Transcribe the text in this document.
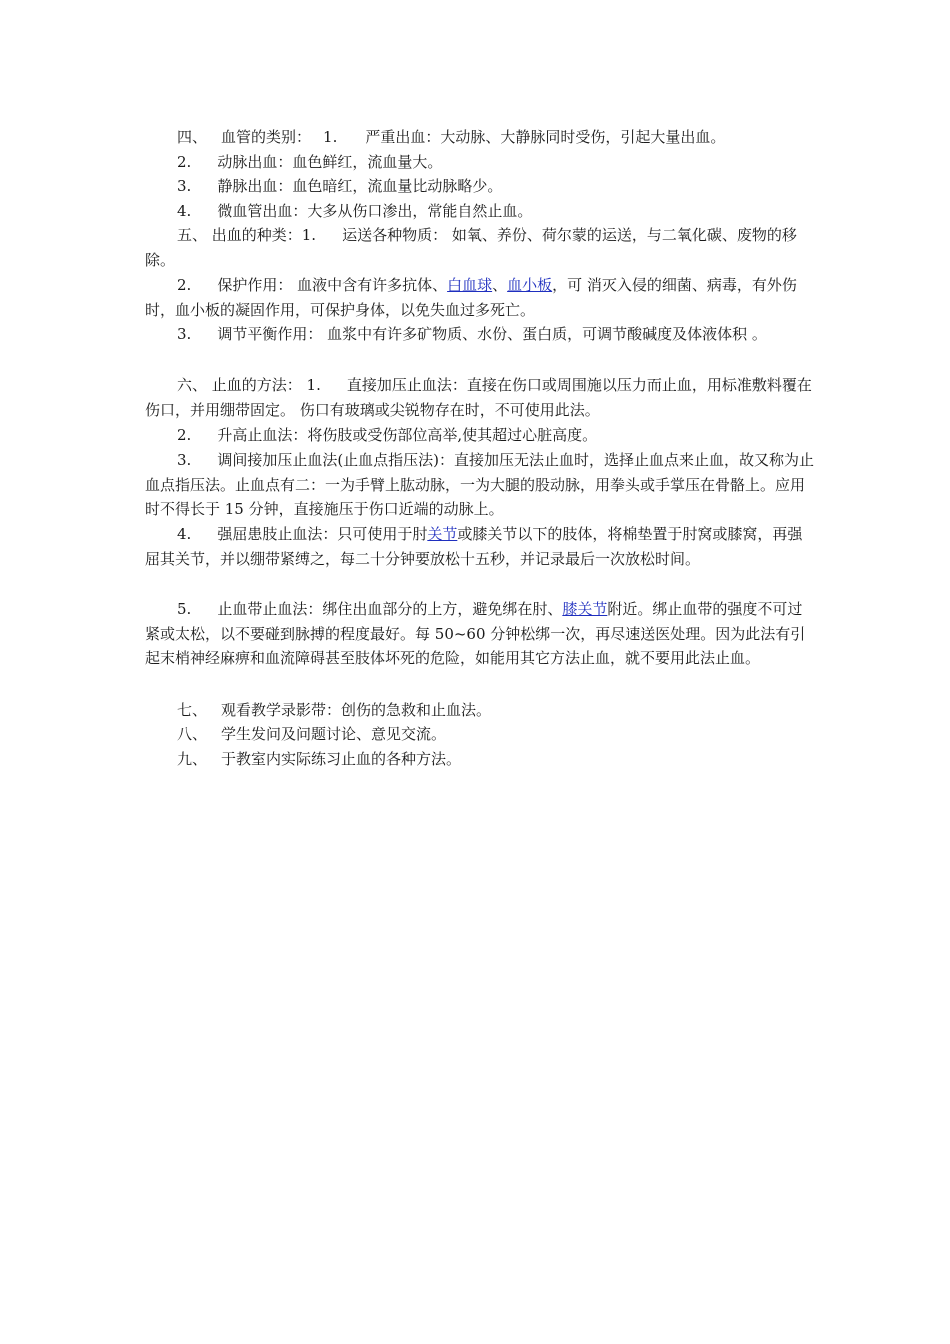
四、 血管的类别： 1. 严重出血：大动脉、大静脉同时受伤，引起大量出血。

2. 动脉出血：血色鲜红，流血量大。

3. 静脉出血：血色暗红，流血量比动脉略少。

4. 微血管出血：大多从伤口渗出，常能自然止血。

五、 出血的种类：1. 运送各种物质： 如氧、养份、荷尔蒙的运送，与二氧化碳、废物的移除。

2. 保护作用： 血液中含有许多抗体、白血球、血小板，可 消灭入侵的细菌、病毒，有外伤时，血小板的凝固作用，可保护身体，以免失血过多死亡。

3. 调节平衡作用： 血浆中有许多矿物质、水份、蛋白质，可调节酸碱度及体液体积 。

六、 止血的方法： 1. 直接加压止血法：直接在伤口或周围施以压力而止血，用标准敷料覆在伤口，并用绷带固定。 伤口有玻璃或尖锐物存在时，不可使用此法。

2. 升高止血法：将伤肢或受伤部位高举,使其超过心脏高度。

3. 调间接加压止血法(止血点指压法)：直接加压无法止血时，选择止血点来止血，故又称为止血点指压法。止血点有二：一为手臂上肱动脉，一为大腿的股动脉，用拳头或手掌压在骨骼上。应用时不得长于 15 分钟，直接施压于伤口近端的动脉上。

4. 强屈患肢止血法：只可使用于肘关节或膝关节以下的肢体，将棉垫置于肘窝或膝窝，再强屈其关节，并以绷带紧缚之，每二十分钟要放松十五秒，并记录最后一次放松时间。

5. 止血带止血法：绑住出血部分的上方，避免绑在肘、膝关节附近。绑止血带的强度不可过紧或太松，以不要碰到脉搏的程度最好。每 50~60 分钟松绑一次，再尽速送医处理。因为此法有引起末梢神经麻痹和血流障碍甚至肢体坏死的危险，如能用其它方法止血，就不要用此法止血。

七、 观看教学录影带：创伤的急救和止血法。

八、 学生发问及问题讨论、意见交流。

九、 于教室内实际练习止血的各种方法。
